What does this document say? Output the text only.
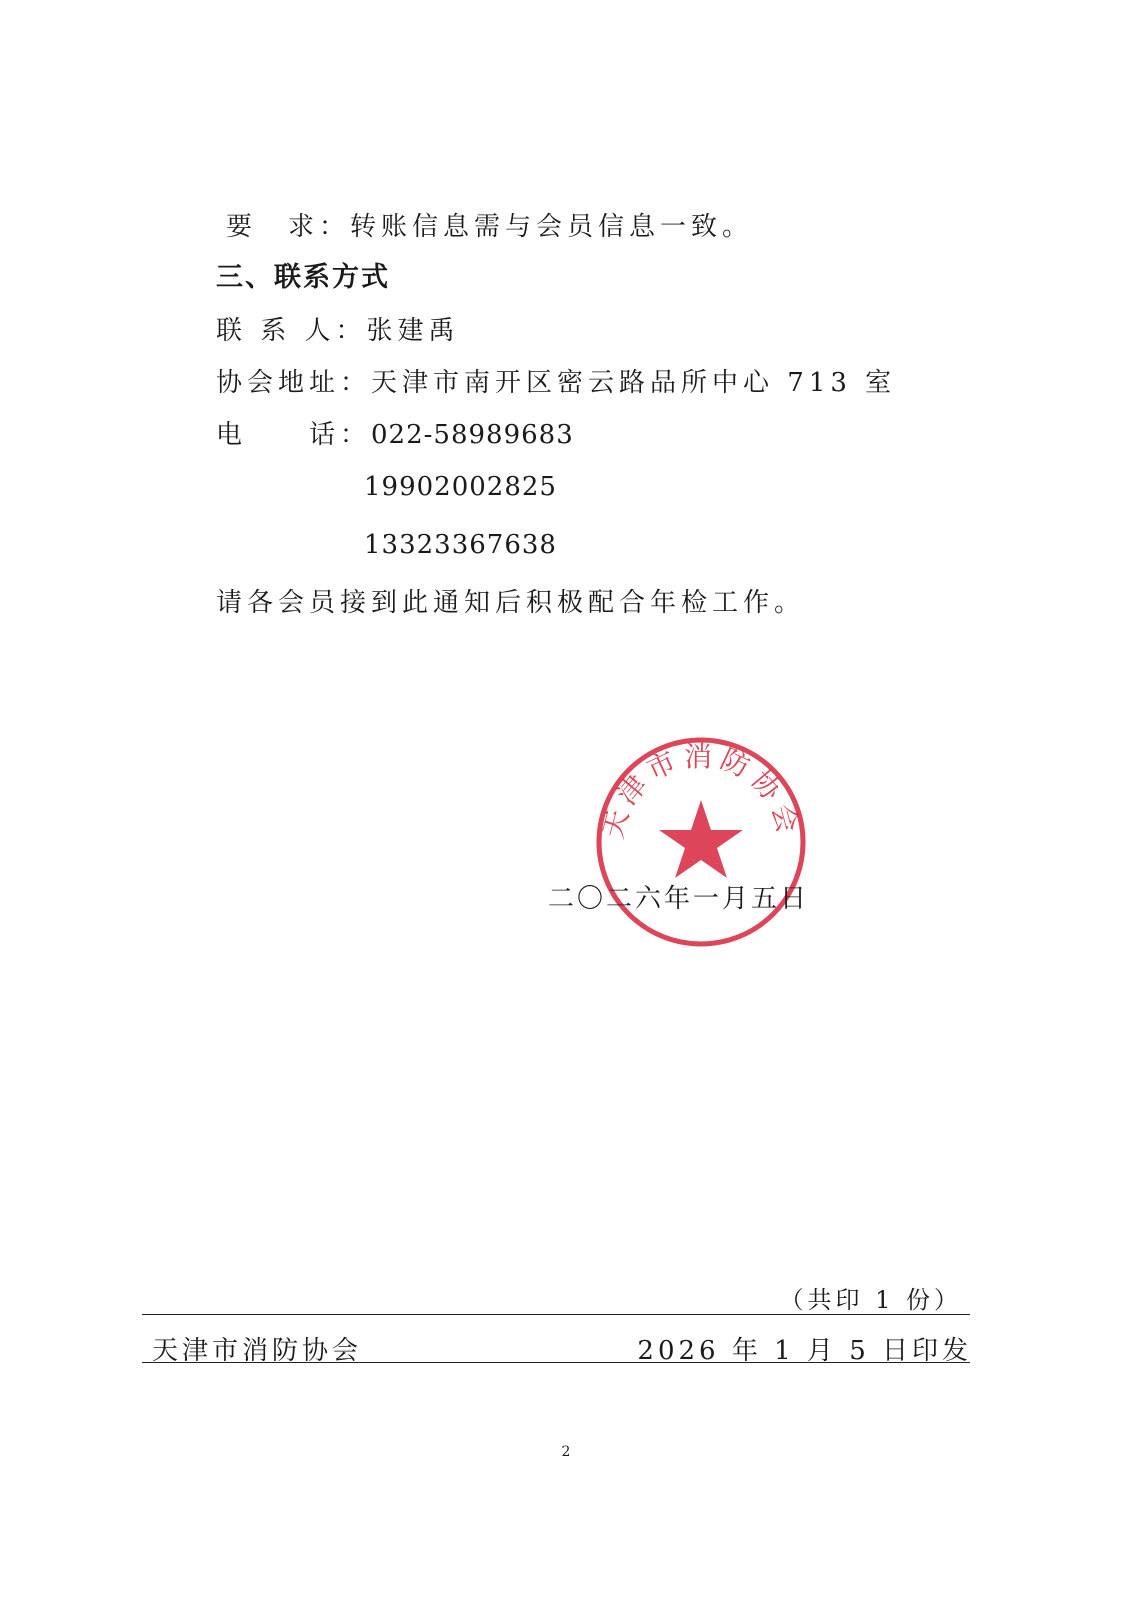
要　求：转账信息需与会员信息一致。
三、联系方式
联 系 人：张建禹
协会地址：天津市南开区密云路品所中心 713 室
电　　话：022-58989683
19902002825
13323367638
请各会员接到此通知后积极配合年检工作。
天津市消防协会
二〇二六年一月五日
（共印 1 份）
天津市消防协会	2026 年 1 月 5 日印发
2
